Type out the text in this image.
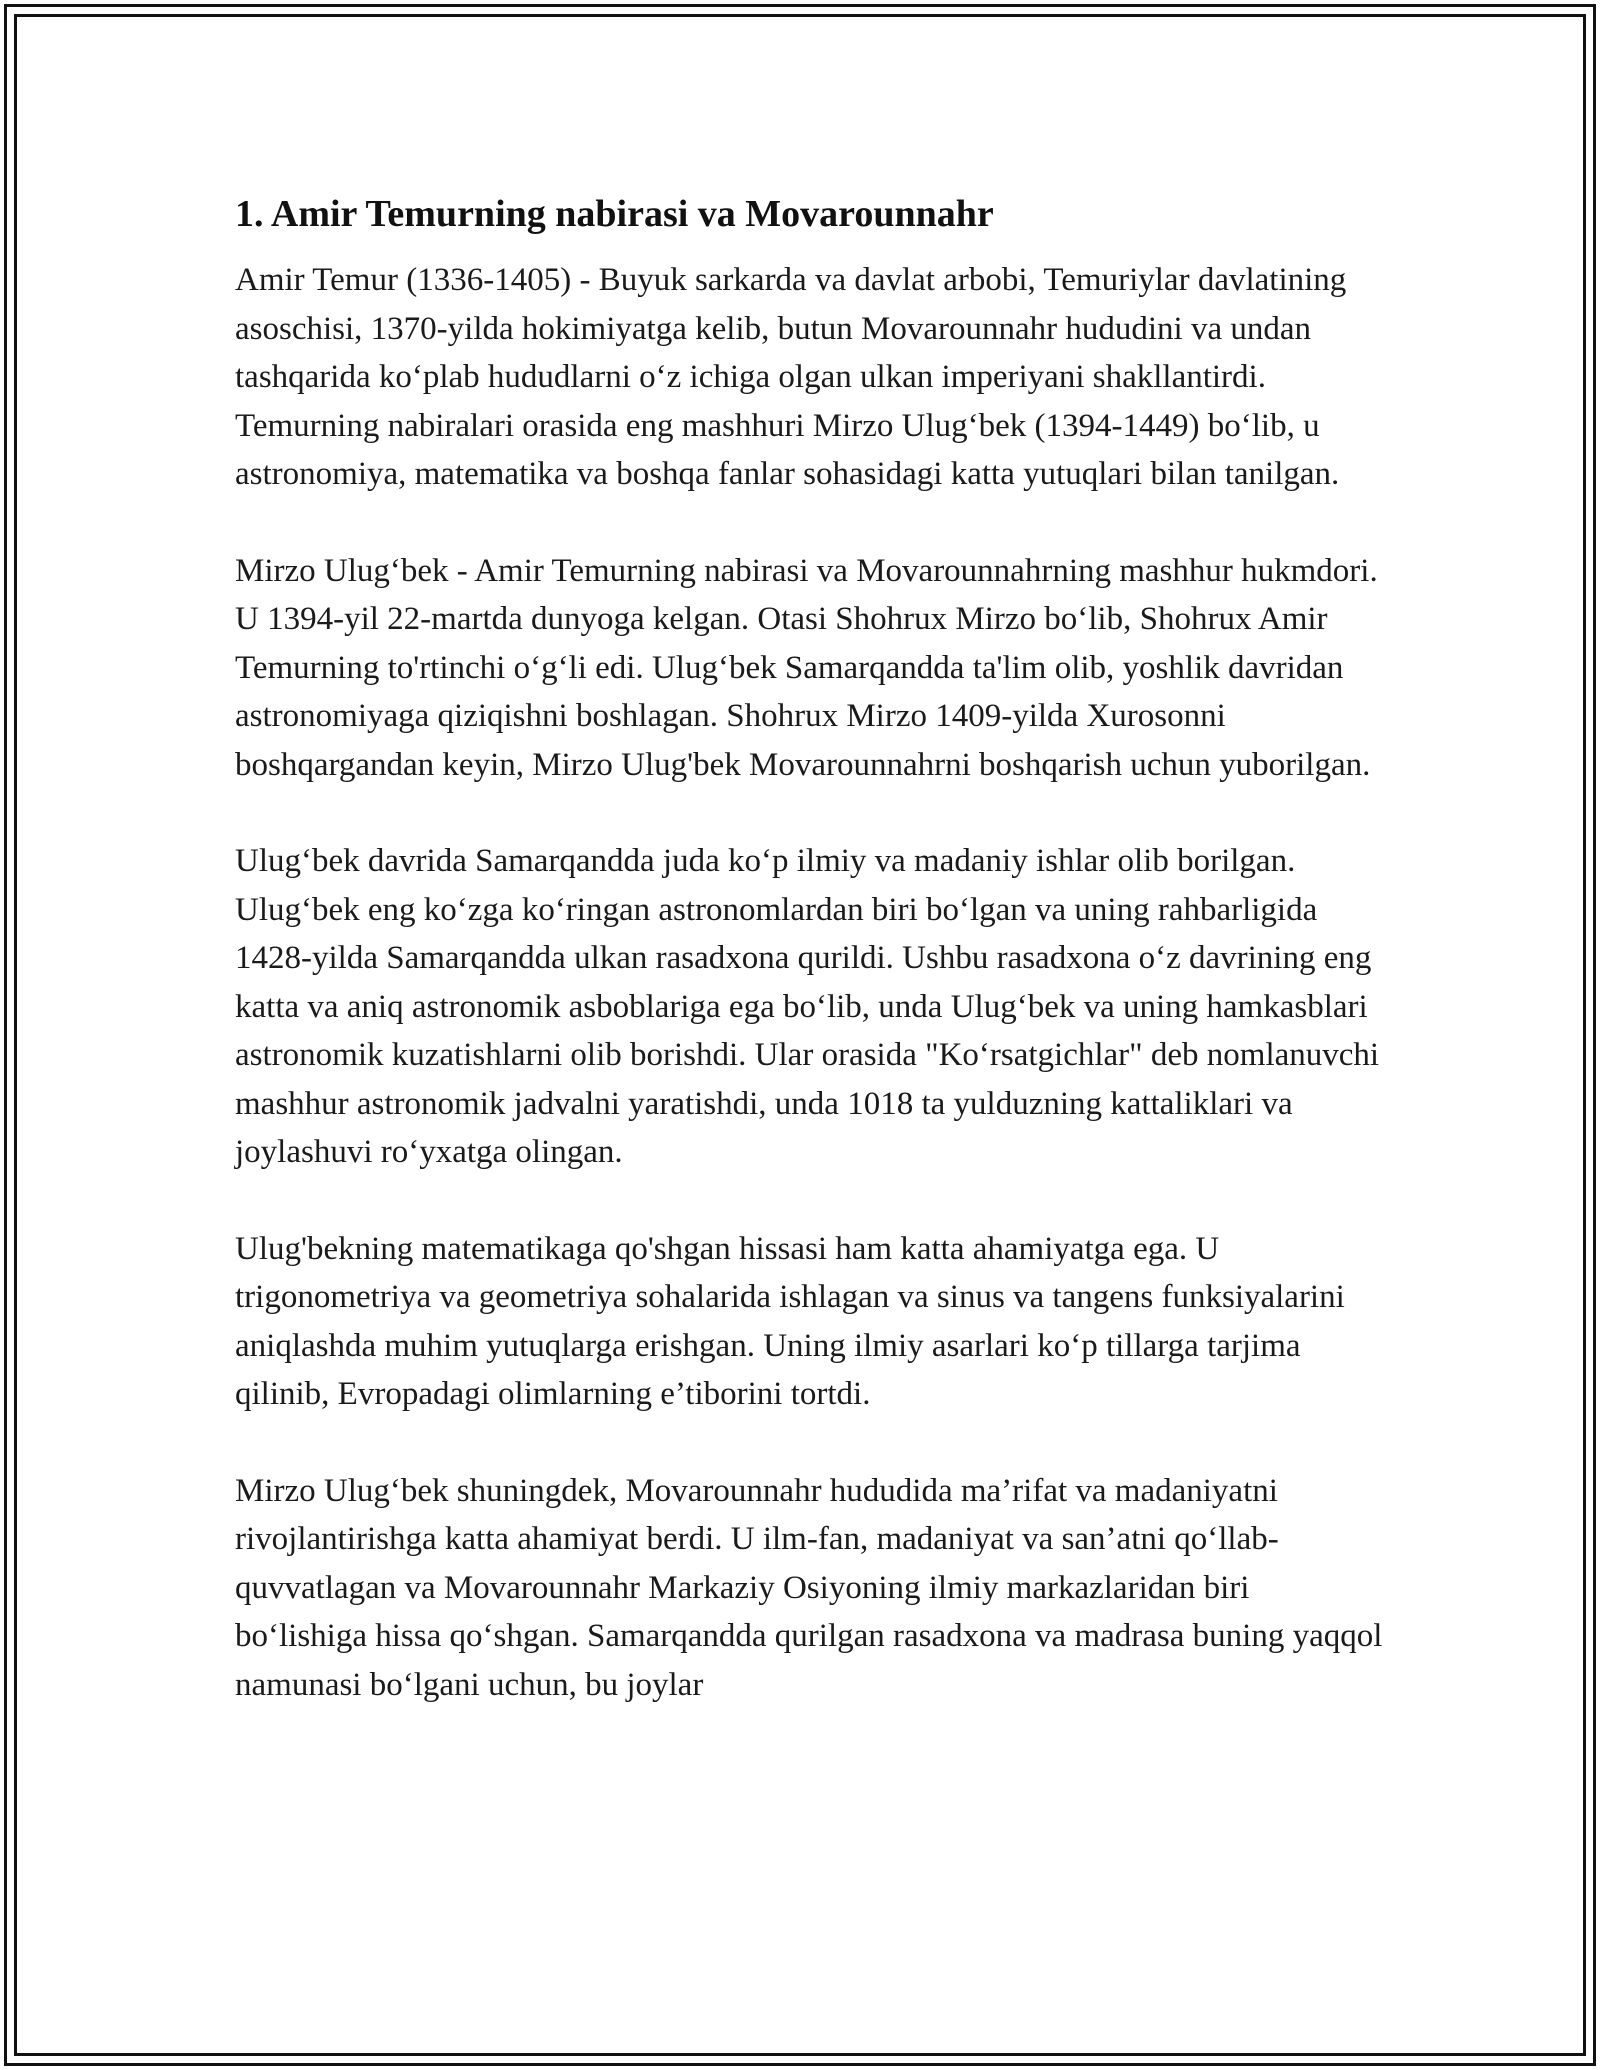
1. Amir Temurning nabirasi va Movarounnahr

Amir Temur (1336-1405) - Buyuk sarkarda va davlat arbobi, Temuriylar davlatining asoschisi, 1370-yilda hokimiyatga kelib, butun Movarounnahr hududini va undan tashqarida ko‘plab hududlarni o‘z ichiga olgan ulkan imperiyani shakllantirdi. Temurning nabiralari orasida eng mashhuri Mirzo Ulug‘bek (1394-1449) bo‘lib, u astronomiya, matematika va boshqa fanlar sohasidagi katta yutuqlari bilan tanilgan.

Mirzo Ulug‘bek - Amir Temurning nabirasi va Movarounnahrning mashhur hukmdori. U 1394-yil 22-martda dunyoga kelgan. Otasi Shohrux Mirzo bo‘lib, Shohrux Amir Temurning to'rtinchi o‘g‘li edi. Ulug‘bek Samarqandda ta'lim olib, yoshlik davridan astronomiyaga qiziqishni boshlagan. Shohrux Mirzo 1409-yilda Xurosonni boshqargandan keyin, Mirzo Ulug'bek Movarounnahrni boshqarish uchun yuborilgan.

Ulug‘bek davrida Samarqandda juda ko‘p ilmiy va madaniy ishlar olib borilgan. Ulug‘bek eng ko‘zga ko‘ringan astronomlardan biri bo‘lgan va uning rahbarligida 1428-yilda Samarqandda ulkan rasadxona qurildi. Ushbu rasadxona o‘z davrining eng katta va aniq astronomik asboblariga ega bo‘lib, unda Ulug‘bek va uning hamkasblari astronomik kuzatishlarni olib borishdi. Ular orasida "Ko‘rsatgichlar" deb nomlanuvchi mashhur astronomik jadvalni yaratishdi, unda 1018 ta yulduzning kattaliklari va joylashuvi ro‘yxatga olingan.

Ulug'bekning matematikaga qo'shgan hissasi ham katta ahamiyatga ega. U trigonometriya va geometriya sohalarida ishlagan va sinus va tangens funksiyalarini aniqlashda muhim yutuqlarga erishgan. Uning ilmiy asarlari ko‘p tillarga tarjima qilinib, Evropadagi olimlarning e’tiborini tortdi.

Mirzo Ulug‘bek shuningdek, Movarounnahr hududida ma’rifat va madaniyatni rivojlantirishga katta ahamiyat berdi. U ilm-fan, madaniyat va san’atni qo‘llab-quvvatlagan va Movarounnahr Markaziy Osiyoning ilmiy markazlaridan biri bo‘lishiga hissa qo‘shgan. Samarqandda qurilgan rasadxona va madrasa buning yaqqol namunasi bo‘lgani uchun, bu joylar
